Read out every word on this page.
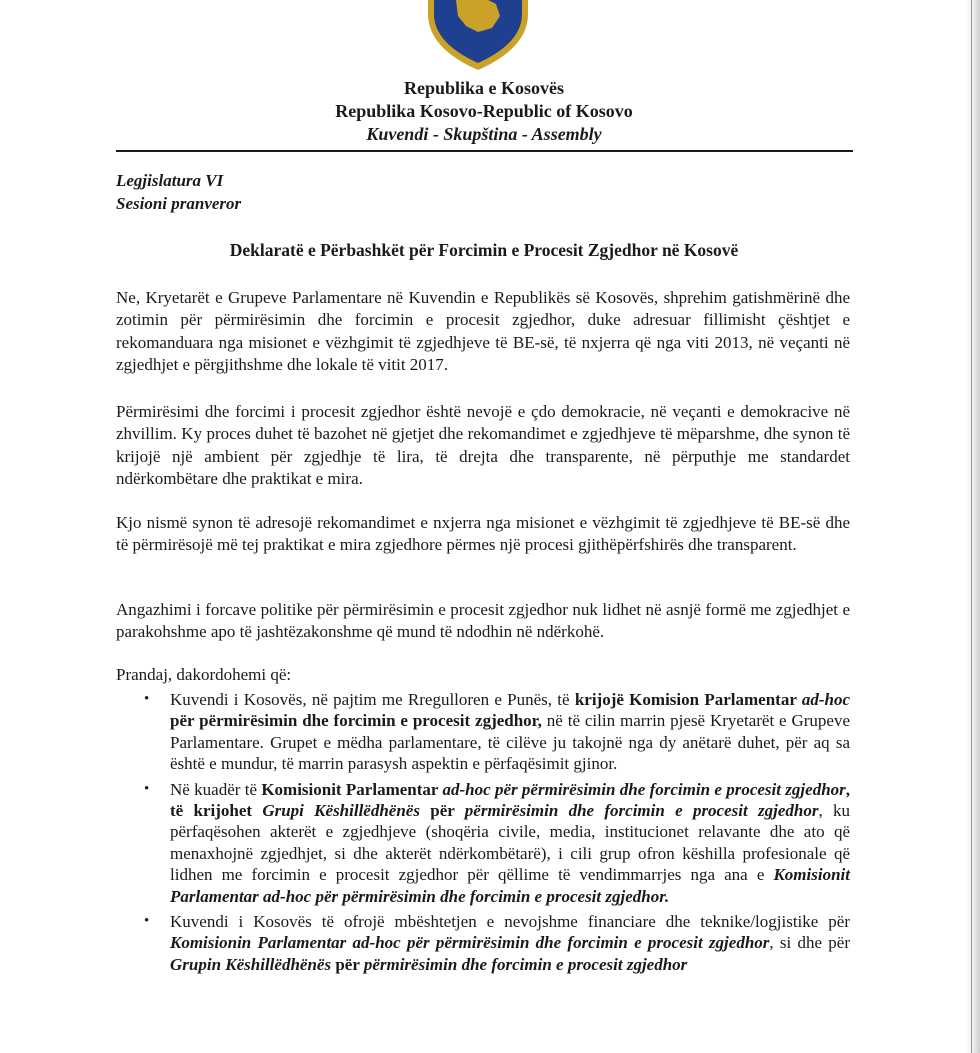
Republika e Kosovës
Republika Kosovo-Republic of Kosovo
Kuvendi - Skupština - Assembly
Legjislatura VI
Sesioni pranveror
Deklaratë e Përbashkët për Forcimin e Procesit Zgjedhor në Kosovë

Ne, Kryetarët e Grupeve Parlamentare në Kuvendin e Republikës së Kosovës, shprehim gatishmërinë dhe zotimin për përmirësimin dhe forcimin e procesit zgjedhor, duke adresuar fillimisht çështjet e rekomanduara nga misionet e vëzhgimit të zgjedhjeve të BE-së, të nxjerra që nga viti 2013, në veçanti në zgjedhjet e përgjithshme dhe lokale të vitit 2017.

Përmirësimi dhe forcimi i procesit zgjedhor është nevojë e çdo demokracie, në veçanti e demokracive në zhvillim. Ky proces duhet të bazohet në gjetjet dhe rekomandimet e zgjedhjeve të mëparshme, dhe synon të krijojë një ambient për zgjedhje të lira, të drejta dhe transparente, në përputhje me standardet ndërkombëtare dhe praktikat e mira.

Kjo nismë synon të adresojë rekomandimet e nxjerra nga misionet e vëzhgimit të zgjedhjeve të BE-së dhe të përmirësojë më tej praktikat e mira zgjedhore përmes një procesi gjithëpërfshirës dhe transparent.

Angazhimi i forcave politike për përmirësimin e procesit zgjedhor nuk lidhet në asnjë formë me zgjedhjet e parakohshme apo të jashtëzakonshme që mund të ndodhin në ndërkohë.

Prandaj, dakordohemi që:

• Kuvendi i Kosovës, në pajtim me Rregulloren e Punës, të krijojë Komision Parlamentar ad-hoc për përmirësimin dhe forcimin e procesit zgjedhor, në të cilin marrin pjesë Kryetarët e Grupeve Parlamentare. Grupet e mëdha parlamentare, të cilëve ju takojnë nga dy anëtarë duhet, për aq sa është e mundur, të marrin parasysh aspektin e përfaqësimit gjinor.
• Në kuadër të Komisionit Parlamentar ad-hoc për përmirësimin dhe forcimin e procesit zgjedhor, të krijohet Grupi Këshillëdhënës për përmirësimin dhe forcimin e procesit zgjedhor, ku përfaqësohen akterët e zgjedhjeve (shoqëria civile, media, institucionet relavante dhe ato që menaxhojnë zgjedhjet, si dhe akterët ndërkombëtarë), i cili grup ofron këshilla profesionale që lidhen me forcimin e procesit zgjedhor për qëllime të vendimmarrjes nga ana e Komisionit Parlamentar ad-hoc për përmirësimin dhe forcimin e procesit zgjedhor.
• Kuvendi i Kosovës të ofrojë mbështetjen e nevojshme financiare dhe teknike/logjistike për Komisionin Parlamentar ad-hoc për përmirësimin dhe forcimin e procesit zgjedhor, si dhe për Grupin Këshillëdhënës për përmirësimin dhe forcimin e procesit zgjedhor
